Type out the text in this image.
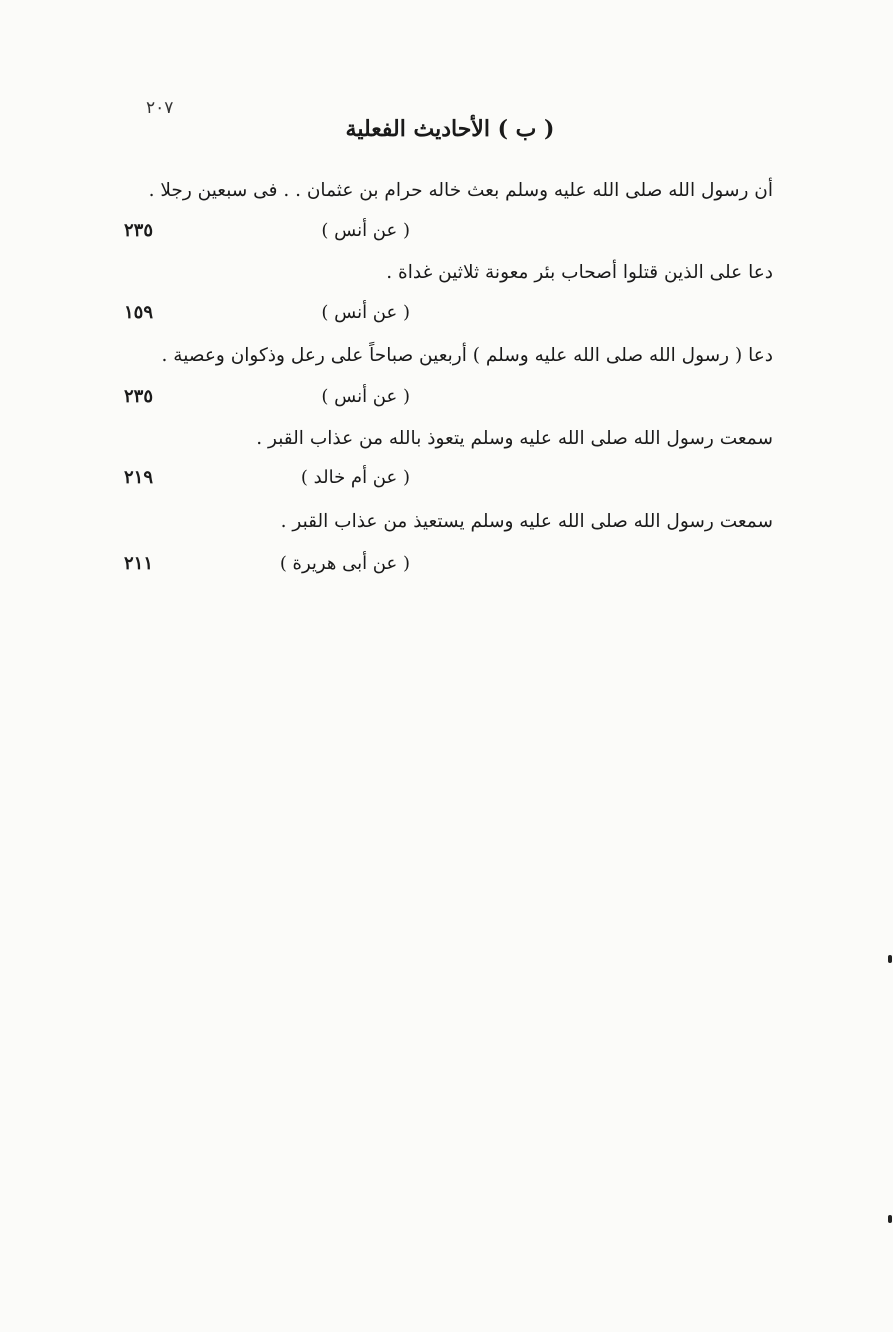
٢٠٧
( ب ) الأحاديث الفعلية
أن رسول الله صلى الله عليه وسلم بعث خاله حرام بن عثمان . . فى سبعين رجلا .
( عن أنس )
٢٣٥
دعا على الذين قتلوا أصحاب بئر معونة ثلاثين غداة .
( عن أنس )
١٥٩
دعا ( رسول الله صلى الله عليه وسلم ) أربعين صباحاً على رعل وذكوان وعصية .
( عن أنس )
٢٣٥
سمعت رسول الله صلى الله عليه وسلم يتعوذ بالله من عذاب القبر .
( عن أم خالد )
٢١٩
سمعت رسول الله صلى الله عليه وسلم يستعيذ من عذاب القبر .
( عن أبى هريرة )
٢١١
